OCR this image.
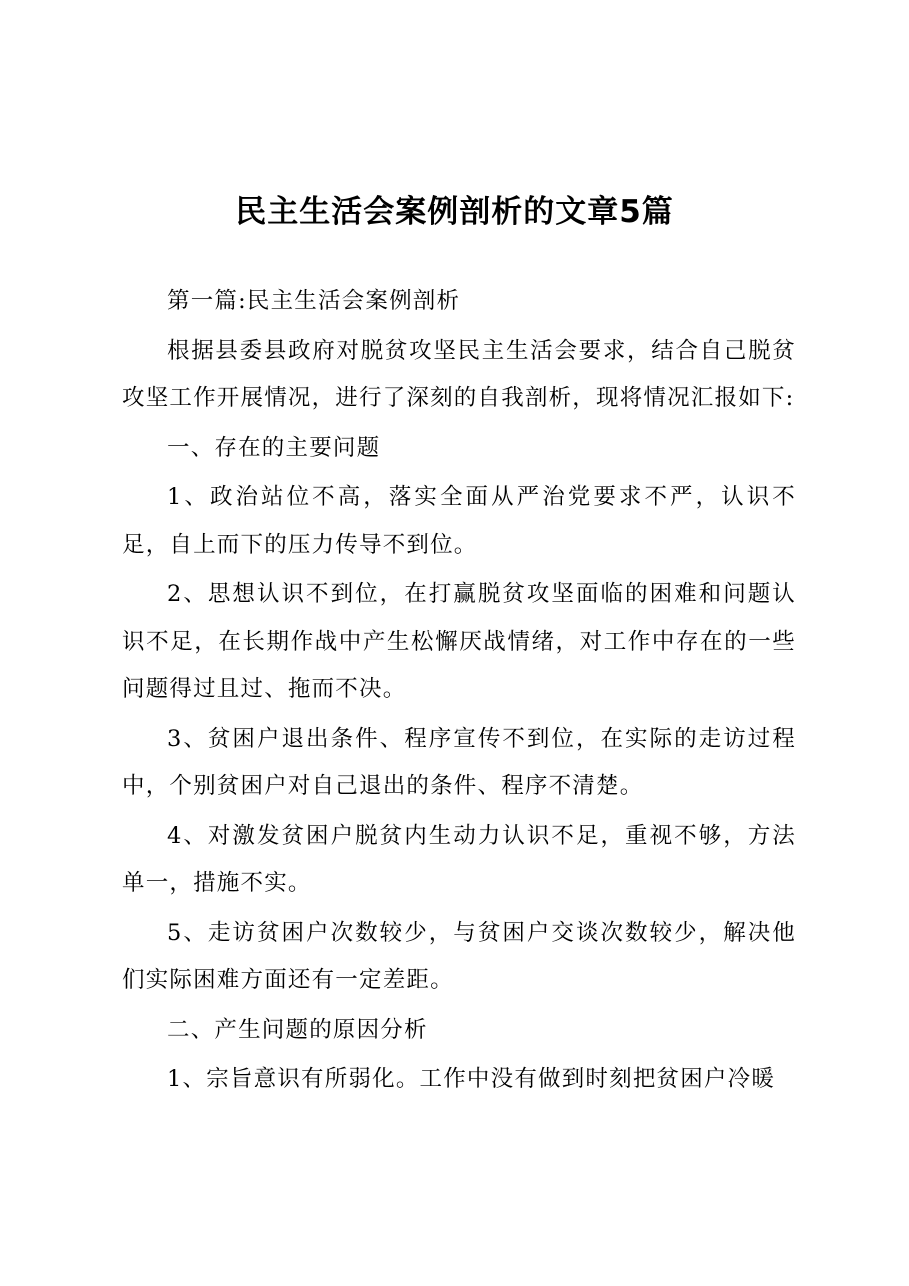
民主生活会案例剖析的文章5篇

第一篇:民主生活会案例剖析

根据县委县政府对脱贫攻坚民主生活会要求，结合自己脱贫攻坚工作开展情况，进行了深刻的自我剖析，现将情况汇报如下:

一、存在的主要问题

1、政治站位不高，落实全面从严治党要求不严，认识不足，自上而下的压力传导不到位。

2、思想认识不到位，在打赢脱贫攻坚面临的困难和问题认识不足，在长期作战中产生松懈厌战情绪，对工作中存在的一些问题得过且过、拖而不决。

3、贫困户退出条件、程序宣传不到位，在实际的走访过程中，个别贫困户对自己退出的条件、程序不清楚。

4、对激发贫困户脱贫内生动力认识不足，重视不够，方法单一，措施不实。

5、走访贫困户次数较少，与贫困户交谈次数较少，解决他们实际困难方面还有一定差距。

二、产生问题的原因分析

1、宗旨意识有所弱化。工作中没有做到时刻把贫困户冷暖
